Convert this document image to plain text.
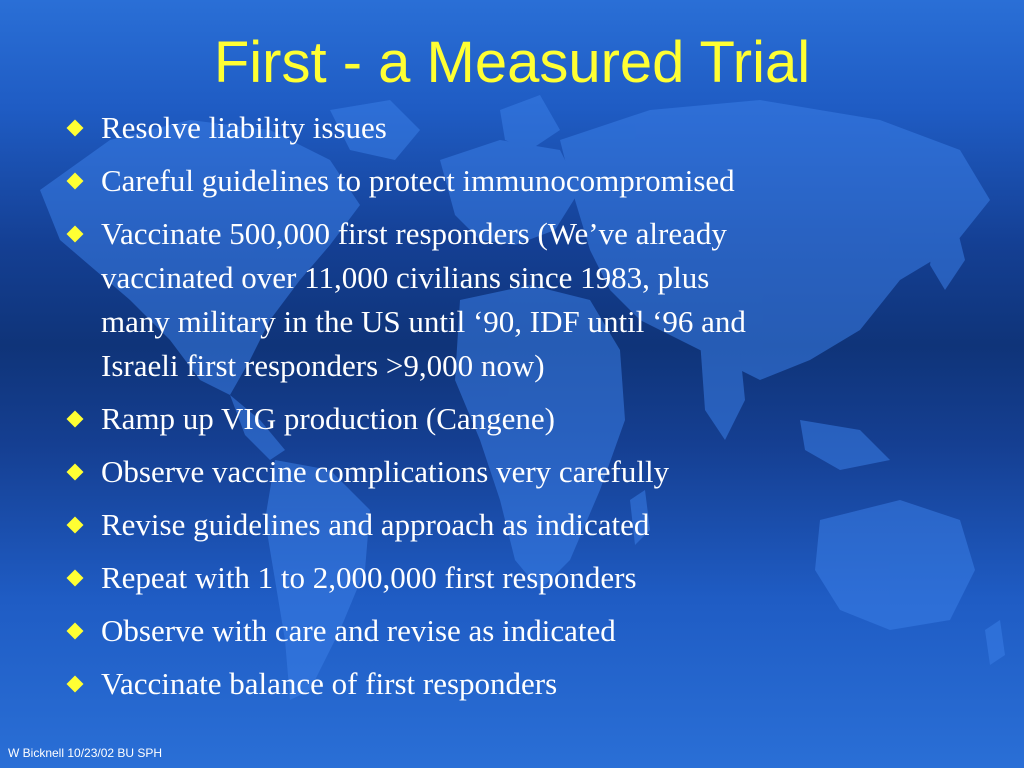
First - a Measured Trial
Resolve liability issues
Careful guidelines to protect immunocompromised
Vaccinate 500,000 first responders (We’ve already
vaccinated over 11,000 civilians since 1983, plus
many military in the US until ‘90, IDF until ‘96 and
Israeli first responders >9,000 now)
Ramp up VIG production (Cangene)
Observe vaccine complications very carefully
Revise guidelines and approach as indicated
Repeat with 1 to 2,000,000 first responders
Observe with care and revise as indicated
Vaccinate balance of first responders
W Bicknell 10/23/02 BU SPH
